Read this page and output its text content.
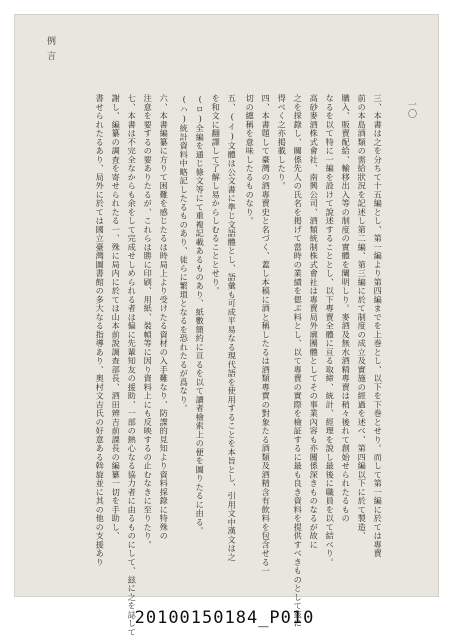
例言
一〇
三、本書は之を分ちて十五編とし、第一編より第四編までを上巻とし、以下を下巻とせり。而して第一編に於ては專賣
前の本島酒類の需給狀況を記述し第二編、第三編に於て制度の成立及實施の經過を述べ、第四編以下に於て製造、
購入、販賣配給、輸移出入等の制度の實體を闡明しり。麥酒及無水酒精專賣は稍々後れて創始せられたるもの
なるを以て特に一編を設けて說述することとし、以下專賣全體に亘る取締、統計、經理を說し最後に職員を以て結べり。
高砂麥酒株式會社、南興公司、酒類統制株式會社は專賣局外廓團體としてその事業內容も亦關係深きものなるが故に
之を採錄し、關係先人の氏名を掲げて當時の業績を偲ぶ料とし、以て專賣の實際を檢証するに最も良き資料を提供すべきものとして茲に
得べく之亦掲載したり。
四、本書題して臺灣の酒專賣史と名づく、蓋し本稿に酒と稱したるは酒類專賣の對象たる酒類及酒精含有飲料を包含せる一
切の總稱を意味したるものなり。
五、(イ)文體は公文書に準じ文語體とし、語彙も可成平易なる現代語を使用することを本旨とし、引用文中漢文は之
を和文に翻譯して了解し易からしむることとせり。
(ロ)全編を通じ條文等にて重複記載あるものあり、紙數簡約に亘るを以て讀者檢索上の便を圖りたるに由る。
(ハ)統計資料中略記したるものあり、徒らに繁瑣となるを恐れたるが爲なり。
六、本書編纂に方りて困難を感じたるは時局上より受けたる資材の入手難なり、防諜的見知より資料採錄に特殊の
注意を要するの要ありたるが、これらは勝に印刷、用紙、裝幀等に因り資料上にも反映するの止むなきに至りたり。
七、本書は不完全なからも余をして完成せしめられる者は偏に先輩知友の援助、一部の熱心なる協力者に由るものにして、玆に之を誌して
謝し、編纂の調査を寄せられたる一、殊に局内に於ては山本前說調查部長、酒田辨吉前課長の編纂一切を手助し、
書せられたるあり、局外に於ては國立臺灣圖書館の多大なる指導あり、奥村文吉氏の好意ある斡旋並に其の他の支援あり
20100150184_P010
